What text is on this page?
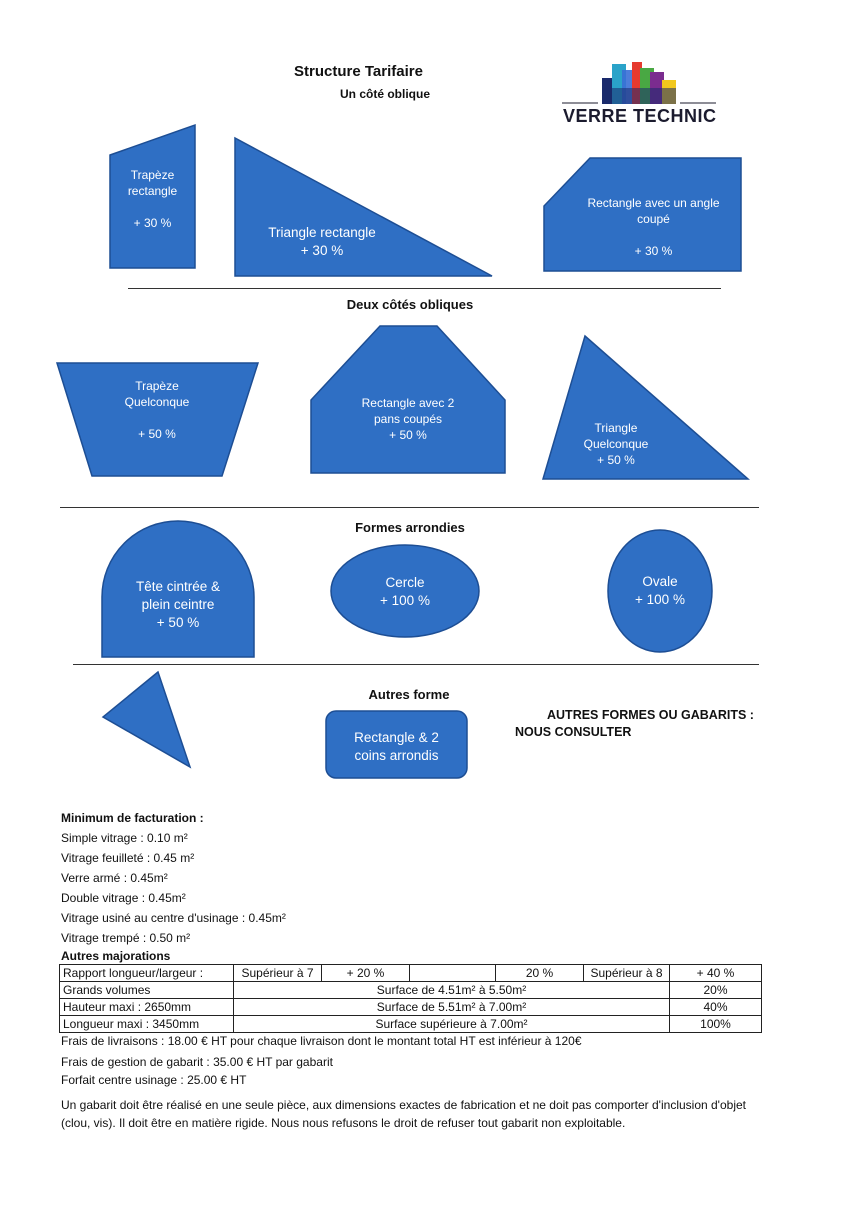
Structure Tarifaire
Un côté oblique
VERRE TECHNIC
Trapèze
rectangle

+ 30 %
Triangle rectangle
+ 30 %
Rectangle avec un angle
coupé

+ 30 %
Deux côtés obliques
Trapèze
Quelconque

+ 50 %
Rectangle avec 2
pans coupés
+ 50 %	Triangle
Quelconque
+ 50 %
Formes arrondies
Tête cintrée &
plein ceintre
+ 50 %
Cercle
+ 100 %
Ovale
+ 100 %
Autres forme
Rectangle & 2
coins arrondis
AUTRES FORMES OU GABARITS :
NOUS CONSULTER
Minimum de facturation :
Simple vitrage : 0.10 m²
Vitrage feuilleté : 0.45 m²
Verre armé : 0.45m²
Double vitrage : 0.45m²
Vitrage usiné au centre d'usinage : 0.45m²
Vitrage trempé : 0.50 m²
Autres majorations
Rapport longueur/largeur :	Supérieur à 7	+ 20 %		20 %	Supérieur à 8	+ 40 %
Grands volumes	Surface de 4.51m² à 5.50m²					20%
Hauteur maxi : 2650mm	Surface de 5.51m² à 7.00m²					40%
Longueur maxi : 3450mm	Surface supérieure à 7.00m²					100%
Frais de livraisons : 18.00 € HT pour chaque livraison dont le montant total HT est inférieur à 120€
Frais de gestion de gabarit : 35.00 € HT par gabarit
Forfait centre usinage : 25.00 € HT
Un gabarit doit être réalisé en une seule pièce, aux dimensions exactes de fabrication et ne doit pas comporter d'inclusion d'objet (clou, vis). Il doit être en matière rigide. Nous nous refusons le droit de refuser tout gabarit non exploitable.
